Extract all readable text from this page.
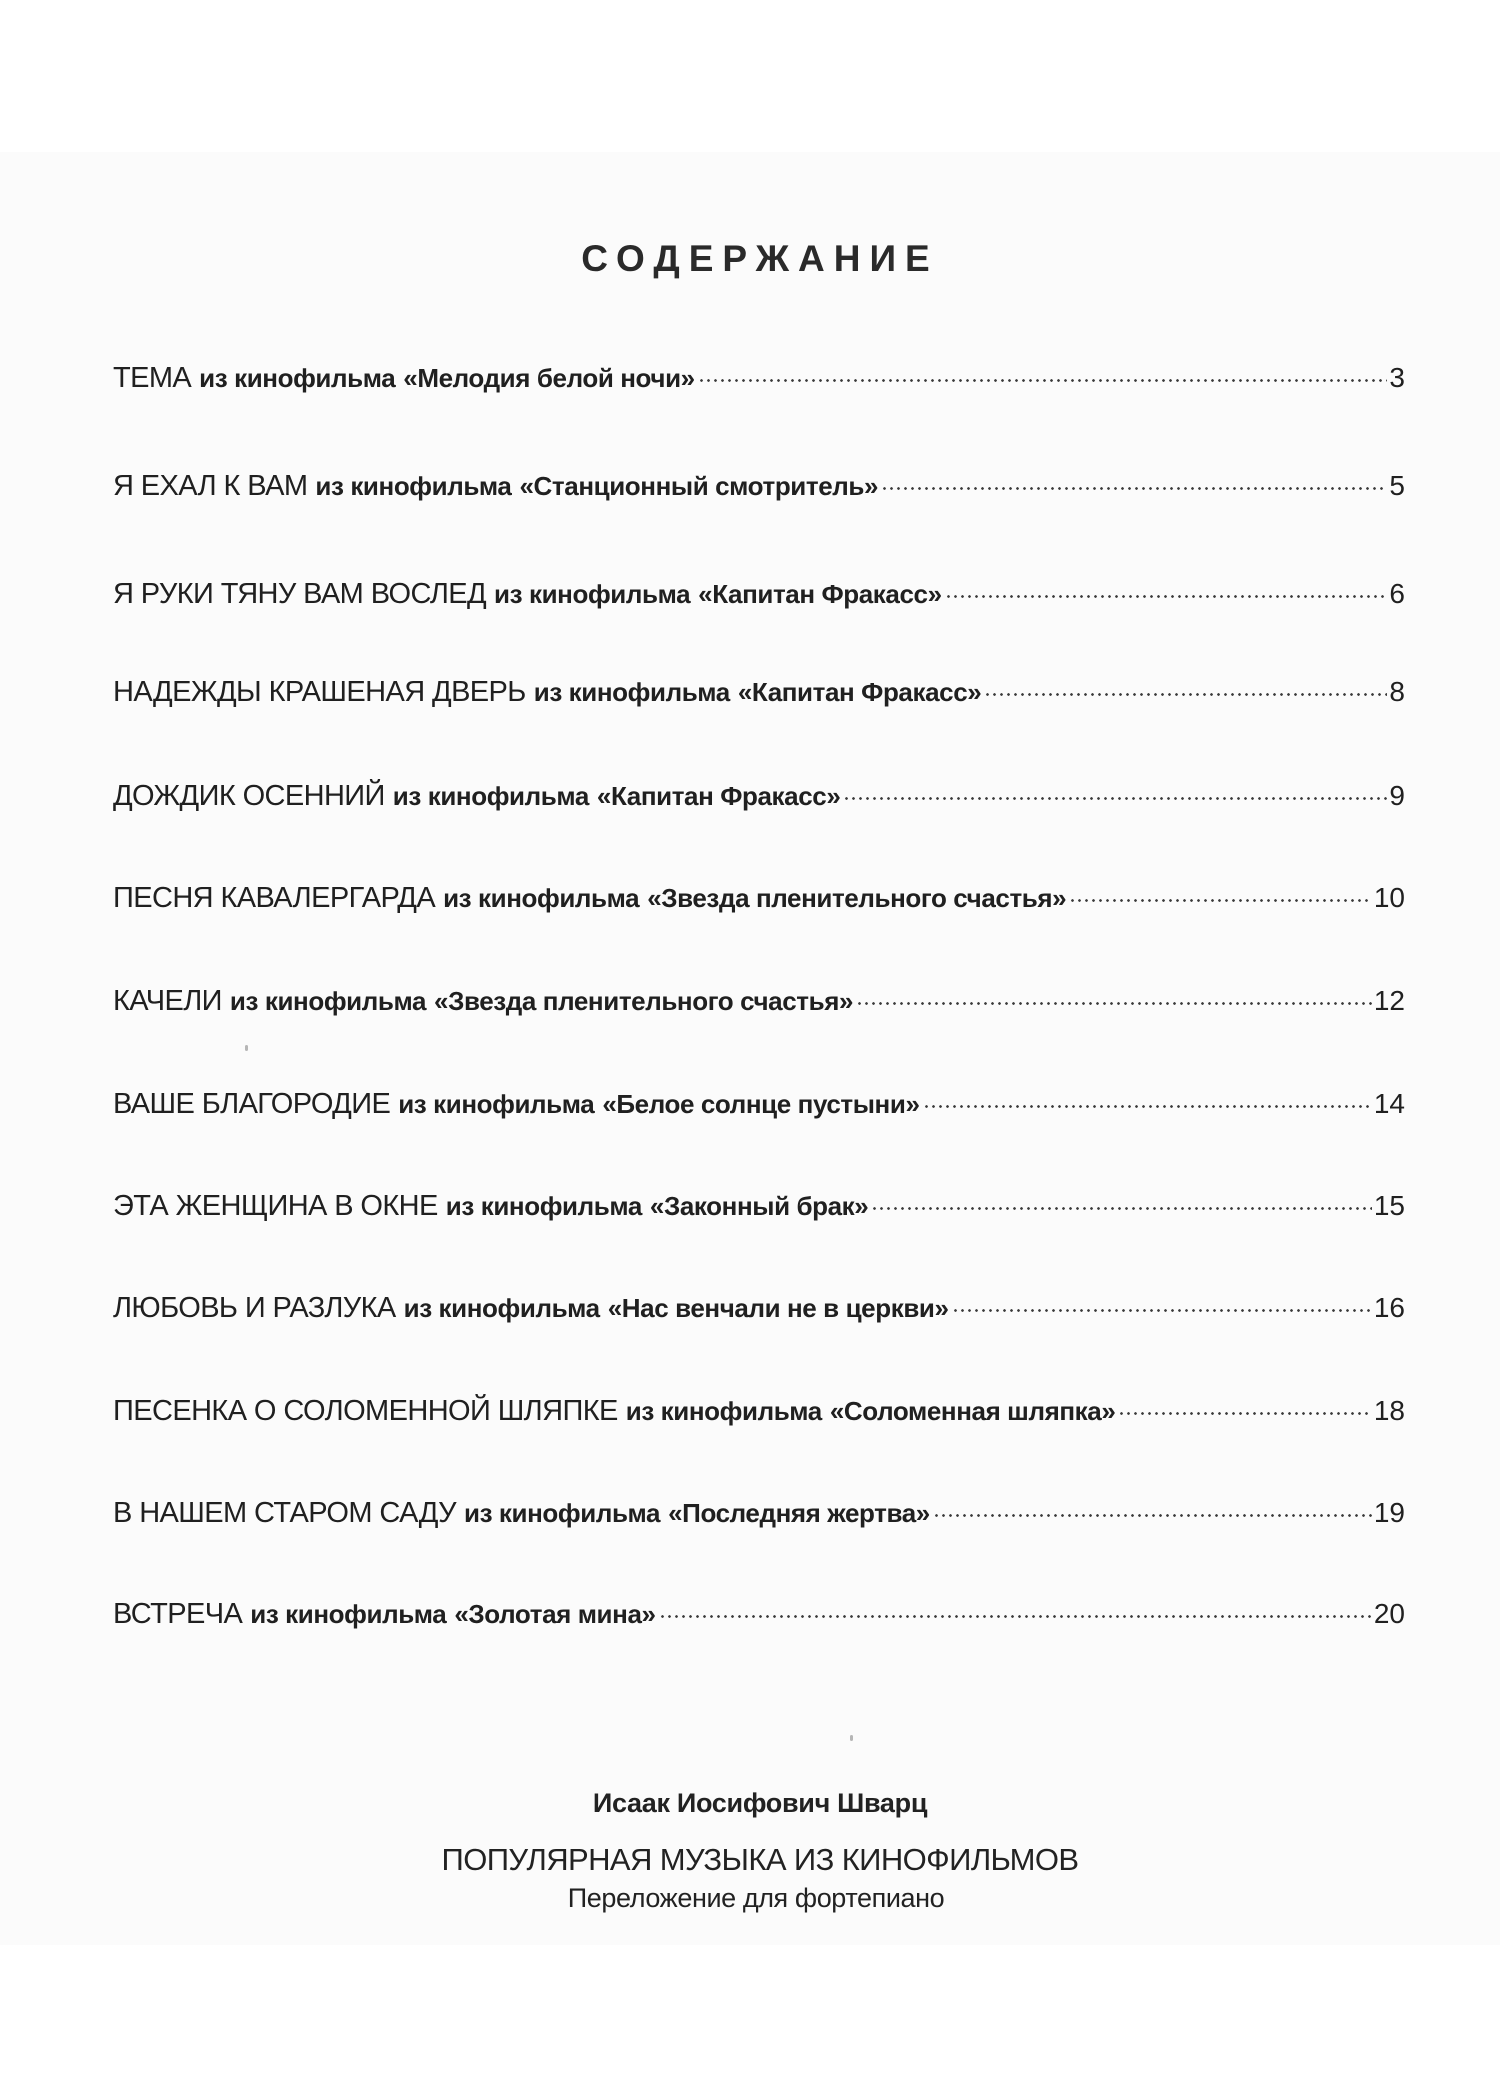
СОДЕРЖАНИЕ
ТЕМА из кинофильма «Мелодия белой ночи»	3
Я ЕХАЛ К ВАМ из кинофильма «Станционный смотритель»	5
Я РУКИ ТЯНУ ВАМ ВОСЛЕД из кинофильма «Капитан Фракасс»	6
НАДЕЖДЫ КРАШЕНАЯ ДВЕРЬ из кинофильма «Капитан Фракасс»	8
ДОЖДИК ОСЕННИЙ из кинофильма «Капитан Фракасс»	9
ПЕСНЯ КАВАЛЕРГАРДА из кинофильма «Звезда пленительного счастья»	10
КАЧЕЛИ из кинофильма «Звезда пленительного счастья»	12
ВАШЕ БЛАГОРОДИЕ из кинофильма «Белое солнце пустыни»	14
ЭТА ЖЕНЩИНА В ОКНЕ из кинофильма «Законный брак»	15
ЛЮБОВЬ И РАЗЛУКА из кинофильма «Нас венчали не в церкви»	16
ПЕСЕНКА О СОЛОМЕННОЙ ШЛЯПКЕ из кинофильма «Соломенная шляпка»	18
В НАШЕМ СТАРОМ САДУ из кинофильма «Последняя жертва»	19
ВСТРЕЧА из кинофильма «Золотая мина»	20
Исаак Иосифович Шварц
ПОПУЛЯРНАЯ МУЗЫКА ИЗ КИНОФИЛЬМОВ
Переложение для фортепиано
